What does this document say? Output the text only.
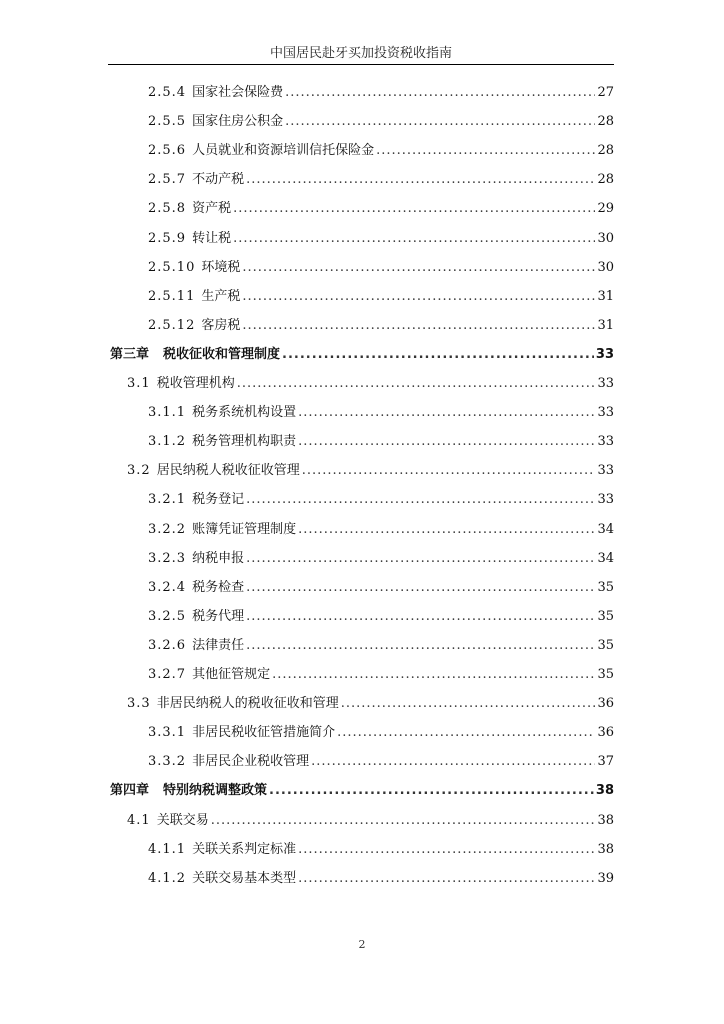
中国居民赴牙买加投资税收指南
2.5.4 国家社会保险费 .....	27
2.5.5 国家住房公积金 .....	28
2.5.6 人员就业和资源培训信托保险金 .....	28
2.5.7 不动产税 .....	28
2.5.8 资产税 .....	29
2.5.9 转让税 .....	30
2.5.10 环境税 .....	30
2.5.11 生产税 .....	31
2.5.12 客房税 .....	31
第三章 税收征收和管理制度 .....	33
3.1 税收管理机构 .....	33
3.1.1 税务系统机构设置 .....	33
3.1.2 税务管理机构职责 .....	33
3.2 居民纳税人税收征收管理 .....	33
3.2.1 税务登记 .....	33
3.2.2 账簿凭证管理制度 .....	34
3.2.3 纳税申报 .....	34
3.2.4 税务检查 .....	35
3.2.5 税务代理 .....	35
3.2.6 法律责任 .....	35
3.2.7 其他征管规定 .....	35
3.3 非居民纳税人的税收征收和管理 .....	36
3.3.1 非居民税收征管措施简介 .....	36
3.3.2 非居民企业税收管理 .....	37
第四章 特别纳税调整政策 .....	38
4.1 关联交易 .....	38
4.1.1 关联关系判定标准 .....	38
4.1.2 关联交易基本类型 .....	39
2
